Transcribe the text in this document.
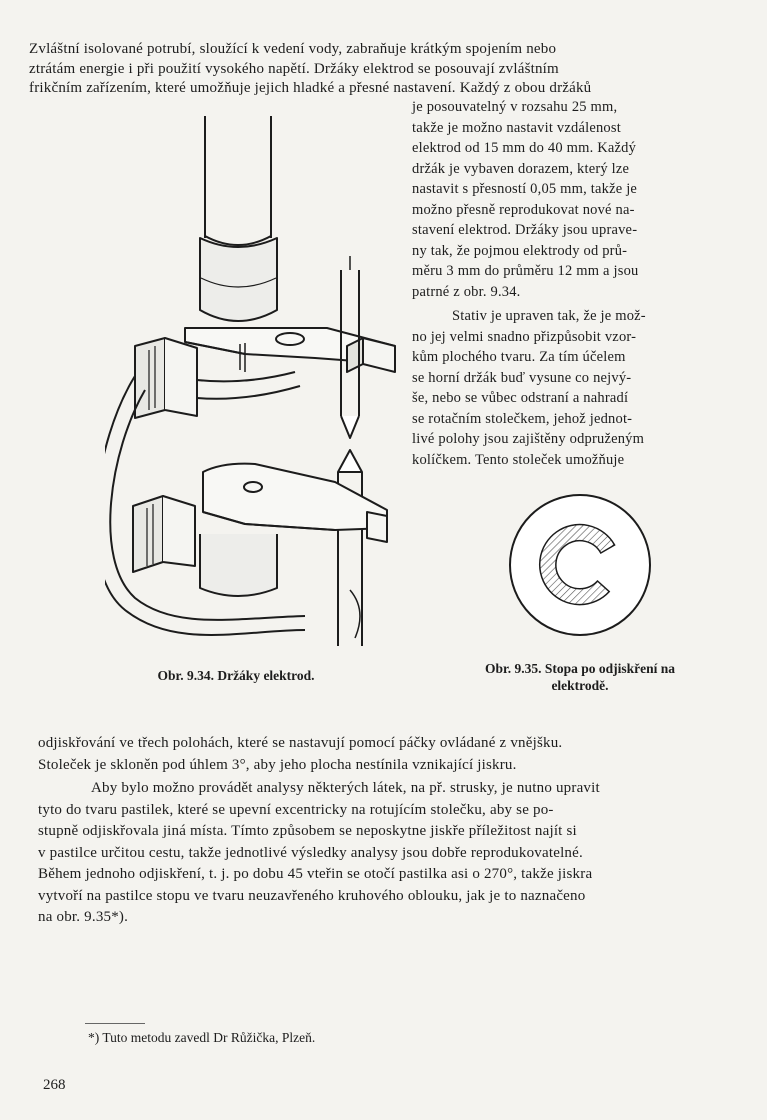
Zvláštní isolované potrubí, sloužící k vedení vody, zabraňuje krátkým spojením nebo
ztrátám energie i při použití vysokého napětí. Držáky elektrod se posouvají zvláštním
frikčním zařízením, které umožňuje jejich hladké a přesné nastavení. Každý z obou držáků
je posouvatelný v rozsahu 25 mm,
takže je možno nastavit vzdálenost
elektrod od 15 mm do 40 mm. Každý
držák je vybaven dorazem, který lze
nastavit s přesností 0,05 mm, takže je
možno přesně reprodukovat nové na-
stavení elektrod. Držáky jsou uprave-
ny tak, že pojmou elektrody od prů-
měru 3 mm do průměru 12 mm a jsou
patrné z obr. 9.34.
Stativ je upraven tak, že je mož-
no jej velmi snadno přizpůsobit vzor-
kům plochého tvaru. Za tím účelem
se horní držák buď vysune co nejvý-
še, nebo se vůbec odstraní a nahradí
se rotačním stolečkem, jehož jednot-
livé polohy jsou zajištěny odpruženým
kolíčkem. Tento stoleček umožňuje
Obr. 9.34. Držáky elektrod.	Obr. 9.35. Stopa po odjiskření na
elektrodě.
odjiskřování ve třech polohách, které se nastavují pomocí páčky ovládané z vnějšku.
Stoleček je skloněn pod úhlem 3°, aby jeho plocha nestínila vznikající jiskru.
Aby bylo možno provádět analysy některých látek, na př. strusky, je nutno upravit
tyto do tvaru pastilek, které se upevní excentricky na rotujícím stolečku, aby se po-
stupně odjiskřovala jiná místa. Tímto způsobem se neposkytne jiskře příležitost najít si
v pastilce určitou cestu, takže jednotlivé výsledky analysy jsou dobře reprodukovatelné.
Během jednoho odjiskření, t. j. po dobu 45 vteřin se otočí pastilka asi o 270°, takže jiskra
vytvoří na pastilce stopu ve tvaru neuzavřeného kruhového oblouku, jak je to naznačeno
na obr. 9.35*).
*) Tuto metodu zavedl Dr Růžička, Plzeň.
268
